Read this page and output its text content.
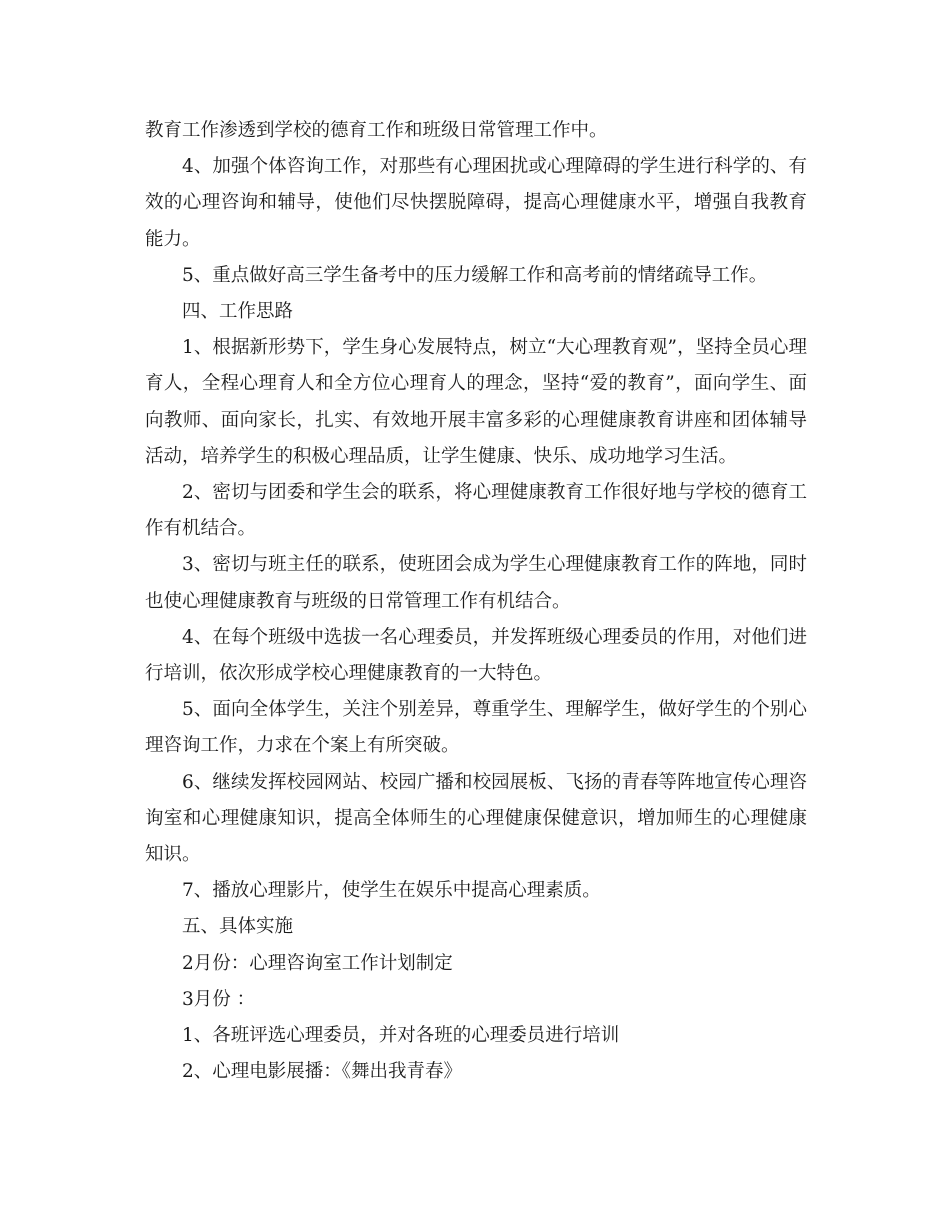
教育工作渗透到学校的德育工作和班级日常管理工作中。

4、加强个体咨询工作，对那些有心理困扰或心理障碍的学生进行科学的、有效的心理咨询和辅导，使他们尽快摆脱障碍，提高心理健康水平，增强自我教育能力。

5、重点做好高三学生备考中的压力缓解工作和高考前的情绪疏导工作。

四、工作思路

1、根据新形势下，学生身心发展特点，树立“大心理教育观”，坚持全员心理育人，全程心理育人和全方位心理育人的理念，坚持“爱的教育”，面向学生、面向教师、面向家长，扎实、有效地开展丰富多彩的心理健康教育讲座和团体辅导活动，培养学生的积极心理品质，让学生健康、快乐、成功地学习生活。

2、密切与团委和学生会的联系，将心理健康教育工作很好地与学校的德育工作有机结合。

3、密切与班主任的联系，使班团会成为学生心理健康教育工作的阵地，同时也使心理健康教育与班级的日常管理工作有机结合。

4、在每个班级中选拔一名心理委员，并发挥班级心理委员的作用，对他们进行培训，依次形成学校心理健康教育的一大特色。

5、面向全体学生，关注个别差异，尊重学生、理解学生，做好学生的个别心理咨询工作，力求在个案上有所突破。

6、继续发挥校园网站、校园广播和校园展板、飞扬的青春等阵地宣传心理咨询室和心理健康知识，提高全体师生的心理健康保健意识，增加师生的心理健康知识。

7、播放心理影片，使学生在娱乐中提高心理素质。

五、具体实施

2月份：心理咨询室工作计划制定

3月份 ：

1、各班评选心理委员，并对各班的心理委员进行培训

2、心理电影展播：《舞出我青春》
